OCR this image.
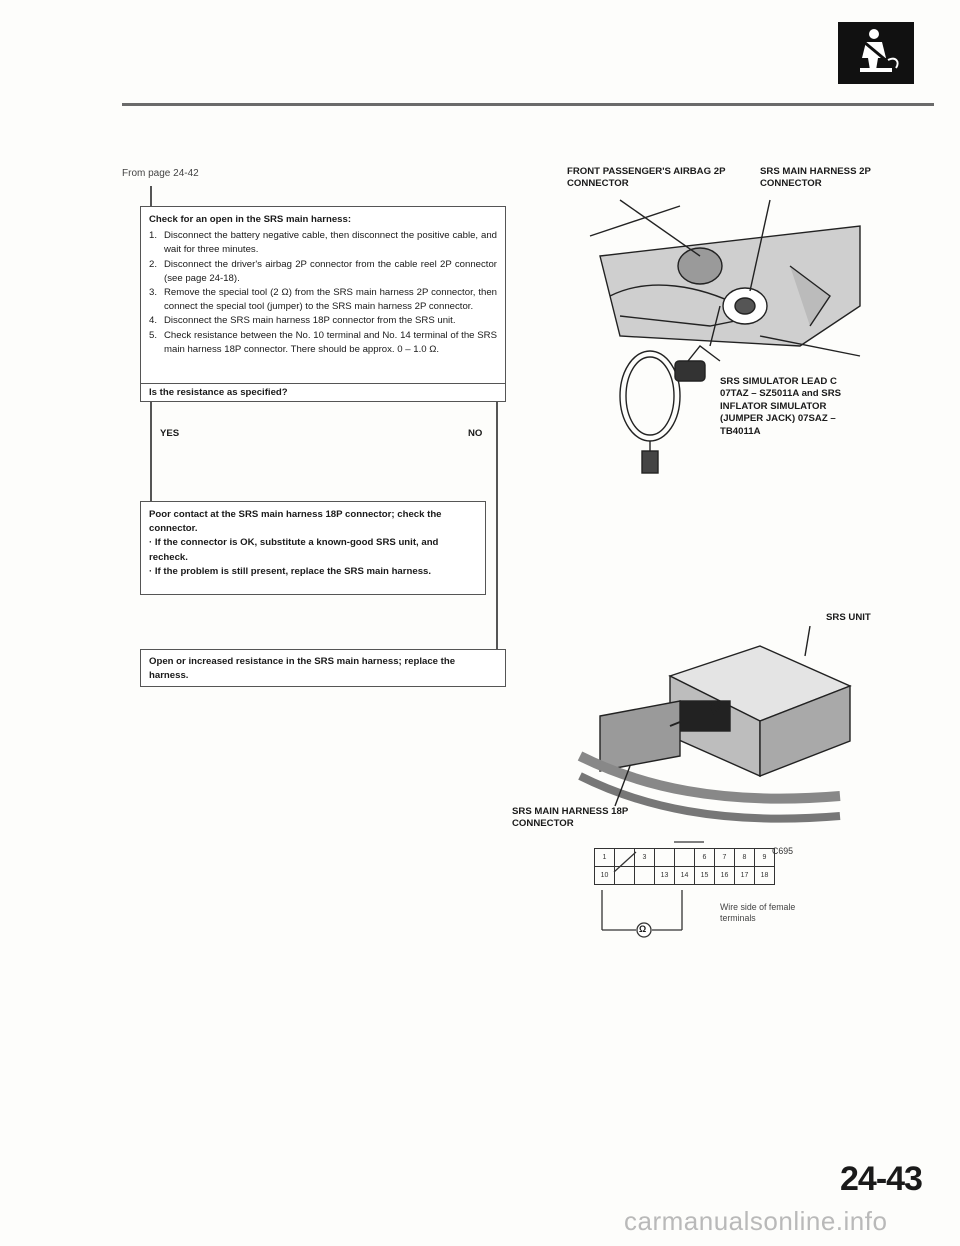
From page 24-42
Check for an open in the SRS main harness:
1. Disconnect the battery negative cable, then disconnect the positive cable, and wait for three minutes.
2. Disconnect the driver's airbag 2P connector from the cable reel 2P connector (see page 24-18).
3. Remove the special tool (2 Ω) from the SRS main harness 2P connector, then connect the special tool (jumper) to the SRS main harness 2P connector.
4. Disconnect the SRS main harness 18P connector from the SRS unit.
5. Check resistance between the No. 10 terminal and No. 14 terminal of the SRS main harness 18P connector. There should be approx. 0 – 1.0 Ω.
Is the resistance as specified?
YES	NO
Poor contact at the SRS main harness 18P connector; check the connector.
· If the connector is OK, substitute a known-good SRS unit, and recheck.
· If the problem is still present, replace the SRS main harness.
Open or increased resistance in the SRS main harness; replace the harness.
FRONT PASSENGER'S AIRBAG 2P CONNECTOR
SRS MAIN HARNESS 2P CONNECTOR
SRS SIMULATOR LEAD C 07TAZ – SZ5011A and SRS INFLATOR SIMULATOR (JUMPER JACK) 07SAZ – TB4011A
SRS UNIT
SRS MAIN HARNESS 18P CONNECTOR
1		3			6	7	8	9
10			13	14	15	16	17	18
Ω
C695
Wire side of female terminals
24-43
carmanualsonline.info
